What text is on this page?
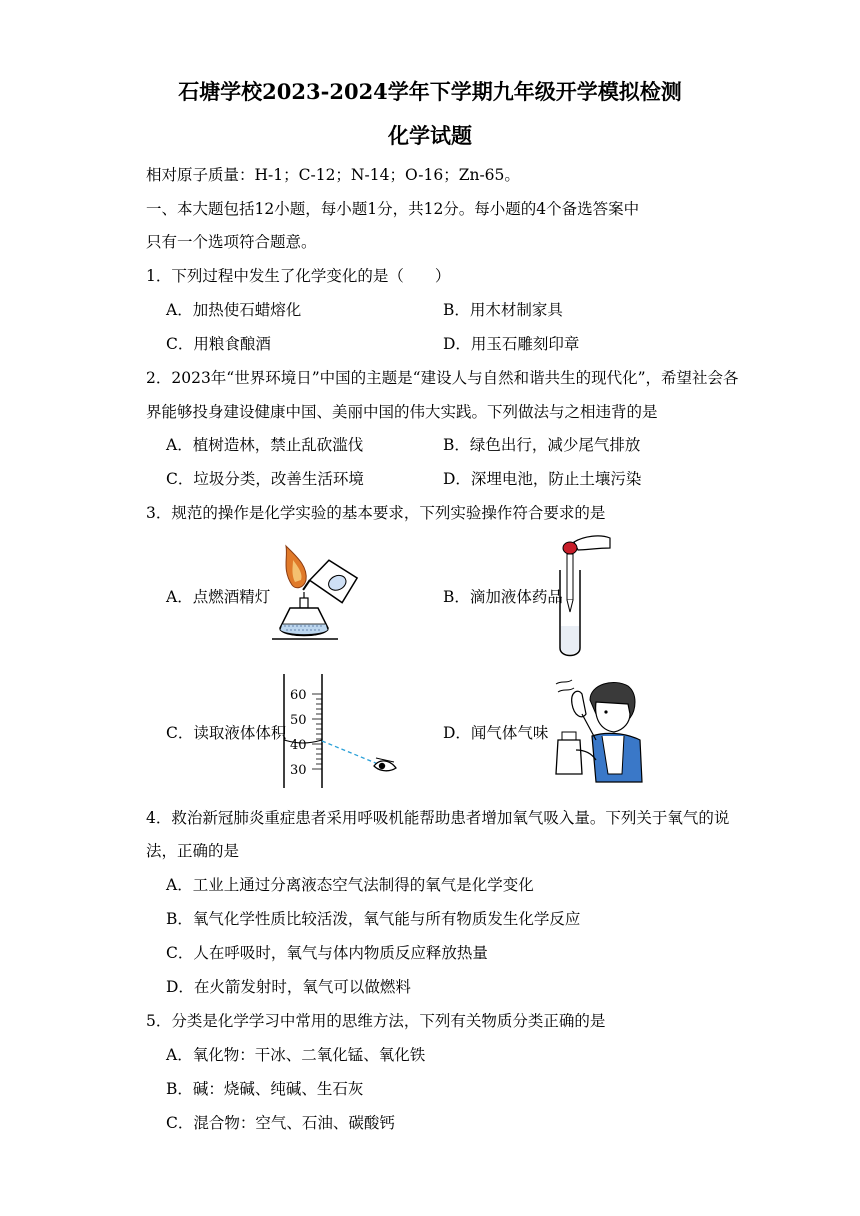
石塘学校2023-2024学年下学期九年级开学模拟检测
化学试题
相对原子质量：H-1；C-12；N-14；O-16；Zn-65。
一、本大题包括12小题，每小题1分，共12分。每小题的4个备选答案中
只有一个选项符合题意。
1．下列过程中发生了化学变化的是（　　）
A．加热使石蜡熔化	B．用木材制家具
C．用粮食酿酒	D．用玉石雕刻印章
2．2023年“世界环境日”中国的主题是“建设人与自然和谐共生的现代化”，希望社会各
界能够投身建设健康中国、美丽中国的伟大实践。下列做法与之相违背的是
A．植树造林，禁止乱砍滥伐	B．绿色出行，减少尾气排放
C．垃圾分类，改善生活环境	D．深埋电池，防止土壤污染
3．规范的操作是化学实验的基本要求，下列实验操作符合要求的是
A．点燃酒精灯	B．滴加液体药品
C．读取液体体积	D．闻气体气味
60
50
40
30
4．救治新冠肺炎重症患者采用呼吸机能帮助患者增加氧气吸入量。下列关于氧气的说
法，正确的是
A．工业上通过分离液态空气法制得的氧气是化学变化
B．氧气化学性质比较活泼，氧气能与所有物质发生化学反应
C．人在呼吸时，氧气与体内物质反应释放热量
D．在火箭发射时，氧气可以做燃料
5．分类是化学学习中常用的思维方法，下列有关物质分类正确的是
A．氧化物：干冰、二氧化锰、氧化铁
B．碱：烧碱、纯碱、生石灰
C．混合物：空气、石油、碳酸钙
